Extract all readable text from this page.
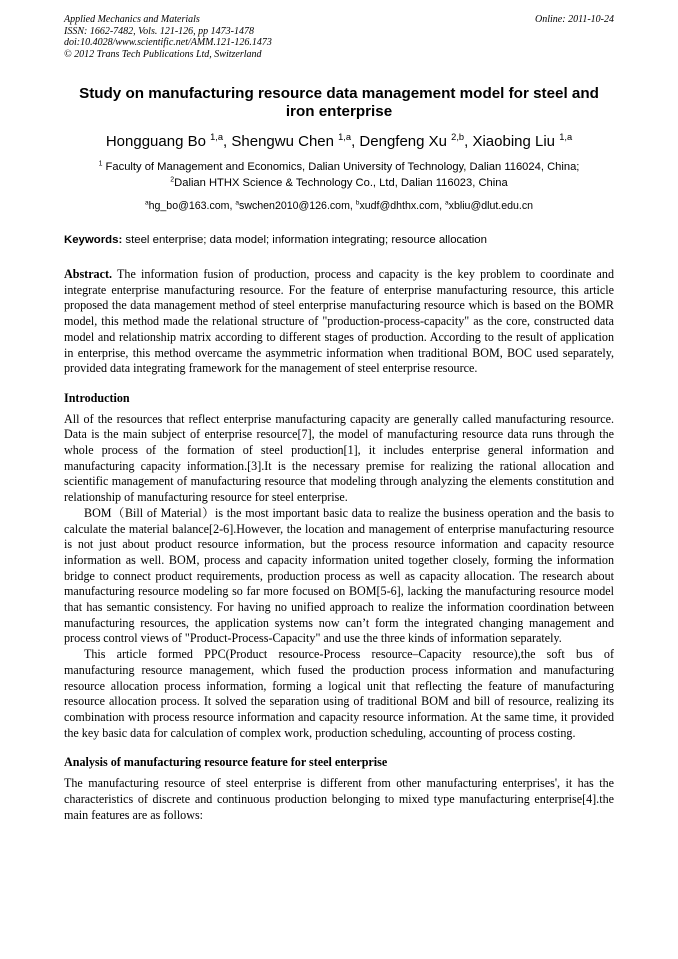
Applied Mechanics and Materials
ISSN: 1662-7482, Vols. 121-126, pp 1473-1478
doi:10.4028/www.scientific.net/AMM.121-126.1473
© 2012 Trans Tech Publications Ltd, Switzerland
Online: 2011-10-24
Study on manufacturing resource data management model for steel and iron enterprise
Hongguang Bo $^{1,a}$, Shengwu Chen $^{1,a}$, Dengfeng Xu $^{2,b}$, Xiaobing Liu $^{1,a}$
$^1$ Faculty of Management and Economics, Dalian University of Technology, Dalian 116024, China;
$^2$Dalian HTHX Science & Technology Co., Ltd, Dalian 116023, China
$^a$hg_bo@163.com, $^a$swchen2010@126.com, $^b$xudf@dhthx.com, $^a$xbliu@dlut.edu.cn
Keywords: steel enterprise; data model; information integrating; resource allocation

Abstract. The information fusion of production, process and capacity is the key problem to coordinate and integrate enterprise manufacturing resource. For the feature of enterprise manufacturing resource, this article proposed the data management method of steel enterprise manufacturing resource which is based on the BOMR model, this method made the relational structure of "production-process-capacity" as the core, constructed data model and relationship matrix according to different stages of production. According to the result of application in enterprise, this method overcame the asymmetric information when traditional BOM, BOC used separately, provided data integrating framework for the management of steel enterprise resource.

Introduction

All of the resources that reflect enterprise manufacturing capacity are generally called manufacturing resource. Data is the main subject of enterprise resource[7], the model of manufacturing resource data runs through the whole process of the formation of steel production[1], it includes enterprise general information and manufacturing capacity information.[3].It is the necessary premise for realizing the rational allocation and scientific management of manufacturing resource that modeling through analyzing the elements constitution and relationship of manufacturing resource for steel enterprise.

BOM（Bill of Material）is the most important basic data to realize the business operation and the basis to calculate the material balance[2-6].However, the location and management of enterprise manufacturing resource is not just about product resource information, but the process resource information and capacity resource information as well. BOM, process and capacity information united together closely, forming the information bridge to connect product requirements, production process as well as capacity allocation. The research about manufacturing resource modeling so far more focused on BOM[5-6], lacking the manufacturing resource model that has semantic consistency. For having no unified approach to realize the information coordination between manufacturing resources, the application systems now can’t form the integrated changing management and process control views of "Product-Process-Capacity" and use the three kinds of information separately.

This article formed PPC(Product resource-Process resource–Capacity resource),the soft bus of manufacturing resource management, which fused the production process information and manufacturing resource allocation process information, forming a logical unit that reflecting the feature of manufacturing resource allocation process. It solved the separation using of traditional BOM and bill of resource, realizing its combination with process resource information and capacity resource information. At the same time, it provided the key basic data for calculation of complex work, production scheduling, accounting of process costing.

Analysis of manufacturing resource feature for steel enterprise

The manufacturing resource of steel enterprise is different from other manufacturing enterprises', it has the characteristics of discrete and continuous production belonging to mixed type manufacturing enterprise[4].the main features are as follows:
